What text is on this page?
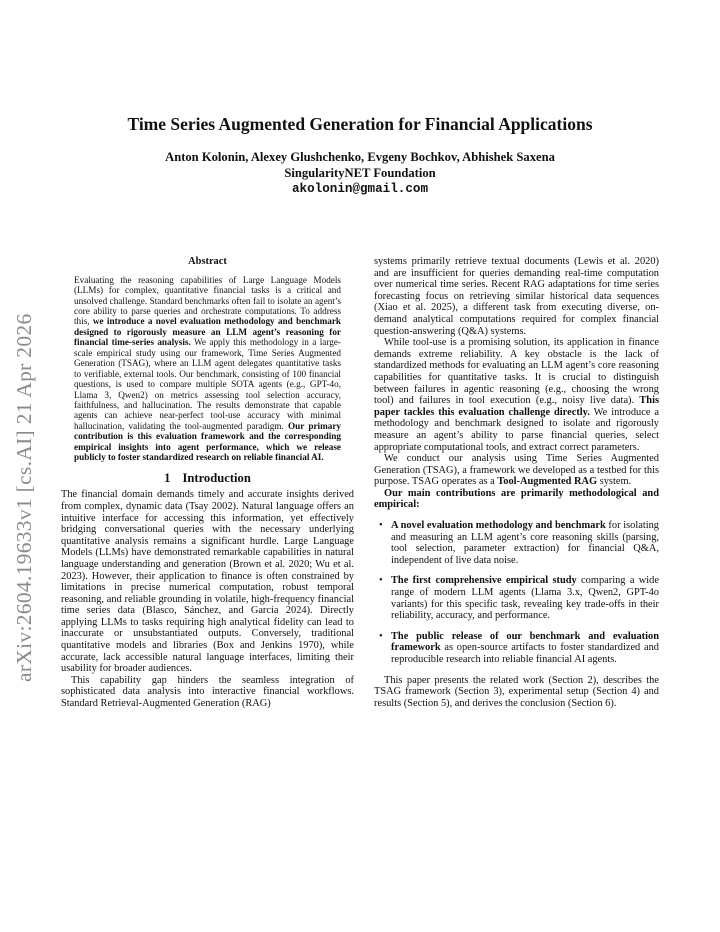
arXiv:2604.19633v1 [cs.AI] 21 Apr 2026
Time Series Augmented Generation for Financial Applications
Anton Kolonin, Alexey Glushchenko, Evgeny Bochkov, Abhishek Saxena
SingularityNET Foundation
akolonin@gmail.com
Abstract

Evaluating the reasoning capabilities of Large Language Models (LLMs) for complex, quantitative financial tasks is a critical and unsolved challenge. Standard benchmarks often fail to isolate an agent’s core ability to parse queries and orchestrate computations. To address this, we introduce a novel evaluation methodology and benchmark designed to rigorously measure an LLM agent’s reasoning for financial time-series analysis. We apply this methodology in a large-scale empirical study using our framework, Time Series Augmented Generation (TSAG), where an LLM agent delegates quantitative tasks to verifiable, external tools. Our benchmark, consisting of 100 financial questions, is used to compare multiple SOTA agents (e.g., GPT-4o, Llama 3, Qwen2) on metrics assessing tool selection accuracy, faithfulness, and hallucination. The results demonstrate that capable agents can achieve near-perfect tool-use accuracy with minimal hallucination, validating the tool-augmented paradigm. Our primary contribution is this evaluation framework and the corresponding empirical insights into agent performance, which we release publicly to foster standardized research on reliable financial AI.

1 Introduction

The financial domain demands timely and accurate insights derived from complex, dynamic data (Tsay 2002). Natural language offers an intuitive interface for accessing this information, yet effectively bridging conversational queries with the necessary underlying quantitative analysis remains a significant hurdle. Large Language Models (LLMs) have demonstrated remarkable capabilities in natural language understanding and generation (Brown et al. 2020; Wu et al. 2023). However, their application to finance is often constrained by limitations in precise numerical computation, robust temporal reasoning, and reliable grounding in volatile, high-frequency financial time series data (Blasco, Sánchez, and García 2024). Directly applying LLMs to tasks requiring high analytical fidelity can lead to inaccurate or unsubstantiated outputs. Conversely, traditional quantitative models and libraries (Box and Jenkins 1970), while accurate, lack accessible natural language interfaces, limiting their usability for broader audiences.

This capability gap hinders the seamless integration of sophisticated data analysis into interactive financial workflows. Standard Retrieval-Augmented Generation (RAG)

systems primarily retrieve textual documents (Lewis et al. 2020) and are insufficient for queries demanding real-time computation over numerical time series. Recent RAG adaptations for time series forecasting focus on retrieving similar historical data sequences (Xiao et al. 2025), a different task from executing diverse, on-demand analytical computations required for complex financial question-answering (Q&A) systems.

While tool-use is a promising solution, its application in finance demands extreme reliability. A key obstacle is the lack of standardized methods for evaluating an LLM agent’s core reasoning capabilities for quantitative tasks. It is crucial to distinguish between failures in agentic reasoning (e.g., choosing the wrong tool) and failures in tool execution (e.g., noisy live data). This paper tackles this evaluation challenge directly. We introduce a methodology and benchmark designed to isolate and rigorously measure an agent’s ability to parse financial queries, select appropriate computational tools, and extract correct parameters.

We conduct our analysis using Time Series Augmented Generation (TSAG), a framework we developed as a testbed for this purpose. TSAG operates as a Tool-Augmented RAG system.

Our main contributions are primarily methodological and empirical:

• A novel evaluation methodology and benchmark for isolating and measuring an LLM agent’s core reasoning skills (parsing, tool selection, parameter extraction) for financial Q&A, independent of live data noise.
• The first comprehensive empirical study comparing a wide range of modern LLM agents (Llama 3.x, Qwen2, GPT-4o variants) for this specific task, revealing key trade-offs in their reliability, accuracy, and performance.
• The public release of our benchmark and evaluation framework as open-source artifacts to foster standardized and reproducible research into reliable financial AI agents.

This paper presents the related work (Section 2), describes the TSAG framework (Section 3), experimental setup (Section 4) and results (Section 5), and derives the conclusion (Section 6).
